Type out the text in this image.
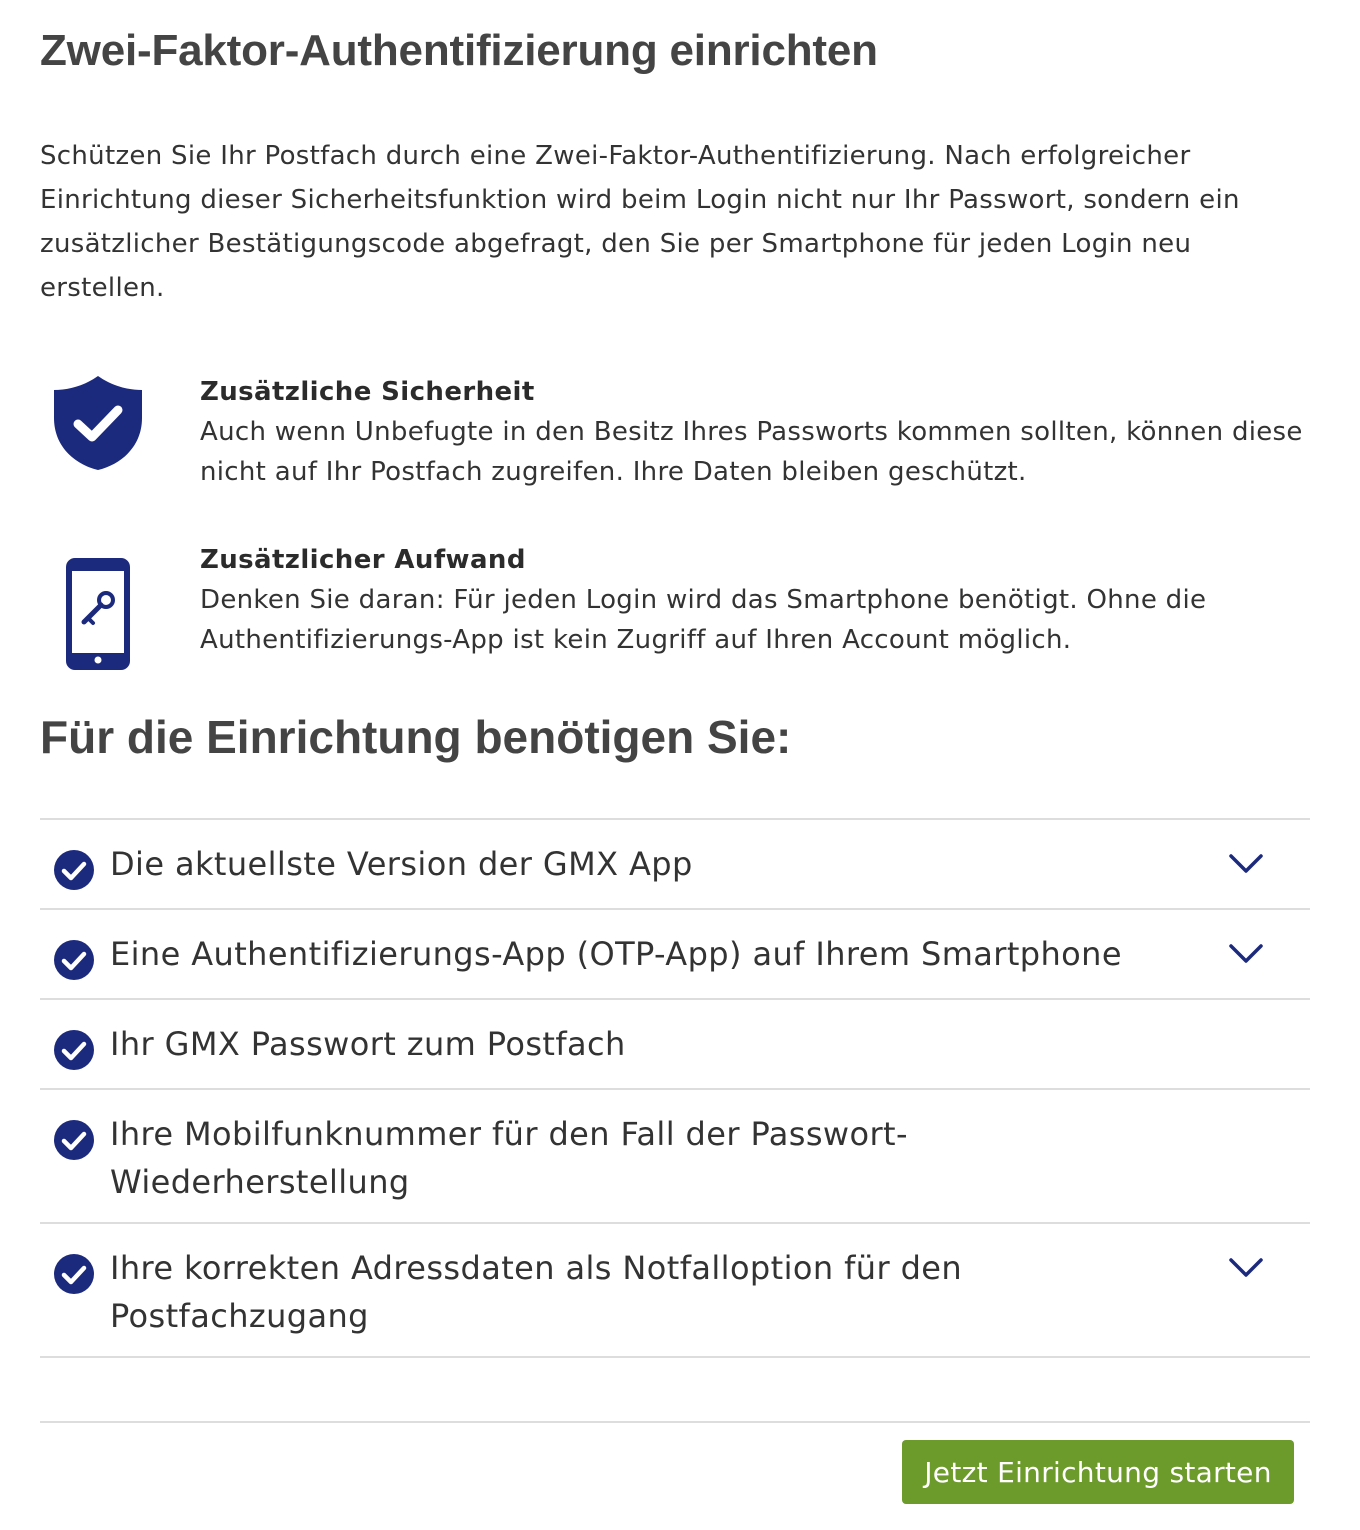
Zwei-Faktor-Authentifizierung einrichten

Schützen Sie Ihr Postfach durch eine Zwei-Faktor-Authentifizierung. Nach erfolgreicher Einrichtung dieser Sicherheitsfunktion wird beim Login nicht nur Ihr Passwort, sondern ein zusätzlicher Bestätigungscode abgefragt, den Sie per Smartphone für jeden Login neu erstellen.

Zusätzliche Sicherheit
Auch wenn Unbefugte in den Besitz Ihres Passworts kommen sollten, können diese nicht auf Ihr Postfach zugreifen. Ihre Daten bleiben geschützt.
Zusätzlicher Aufwand
Denken Sie daran: Für jeden Login wird das Smartphone benötigt. Ohne die Authentifizierungs-App ist kein Zugriff auf Ihren Account möglich.
Für die Einrichtung benötigen Sie:
Die aktuellste Version der GMX App
Eine Authentifizierungs-App (OTP-App) auf Ihrem Smartphone
Ihr GMX Passwort zum Postfach
Ihre Mobilfunknummer für den Fall der Passwort-Wiederherstellung
Ihre korrekten Adressdaten als Notfalloption für den Postfachzugang
Jetzt Einrichtung starten
